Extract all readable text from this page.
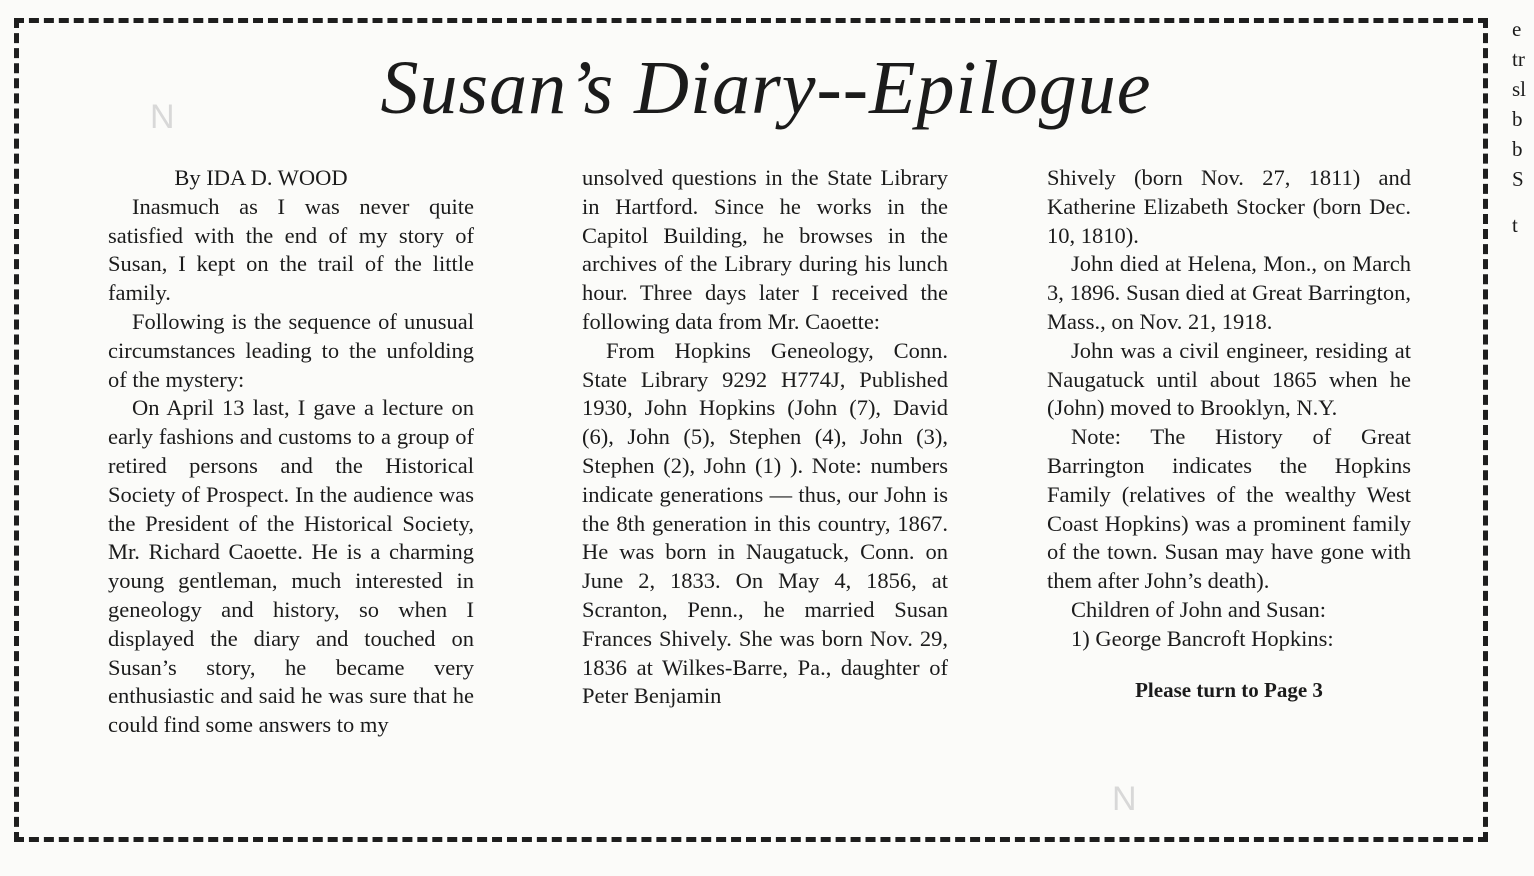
N
N
Susan’s Diary--Epilogue

By IDA D. WOOD

Inasmuch as I was never quite satisfied with the end of my story of Susan, I kept on the trail of the little family.

Following is the sequence of unusual circumstances leading to the unfolding of the mystery:

On April 13 last, I gave a lecture on early fashions and customs to a group of retired persons and the Historical Society of Prospect. In the audience was the President of the Historical Society, Mr. Richard Caoette. He is a charming young gentleman, much interested in geneology and history, so when I displayed the diary and touched on Susan’s story, he became very enthusiastic and said he was sure that he could find some answers to my

unsolved questions in the State Library in Hartford. Since he works in the Capitol Building, he browses in the archives of the Library during his lunch hour. Three days later I received the following data from Mr. Caoette:

From Hopkins Geneology, Conn. State Library 9292 H774J, Published 1930, John Hopkins (John (7), David (6), John (5), Stephen (4), John (3), Stephen (2), John (1) ). Note: numbers indicate generations — thus, our John is the 8th generation in this country, 1867. He was born in Naugatuck, Conn. on June 2, 1833. On May 4, 1856, at Scranton, Penn., he married Susan Frances Shively. She was born Nov. 29, 1836 at Wilkes-Barre, Pa., daughter of Peter Benjamin

Shively (born Nov. 27, 1811) and Katherine Elizabeth Stocker (born Dec. 10, 1810).

John died at Helena, Mon., on March 3, 1896. Susan died at Great Barrington, Mass., on Nov. 21, 1918.

John was a civil engineer, residing at Naugatuck until about 1865 when he (John) moved to Brooklyn, N.Y.

Note: The History of Great Barrington indicates the Hopkins Family (relatives of the wealthy West Coast Hopkins) was a prominent family of the town. Susan may have gone with them after John’s death).

Children of John and Susan:

1) George Bancroft Hopkins:

Please turn to Page 3

e
tr
sl
b
b
S
t
